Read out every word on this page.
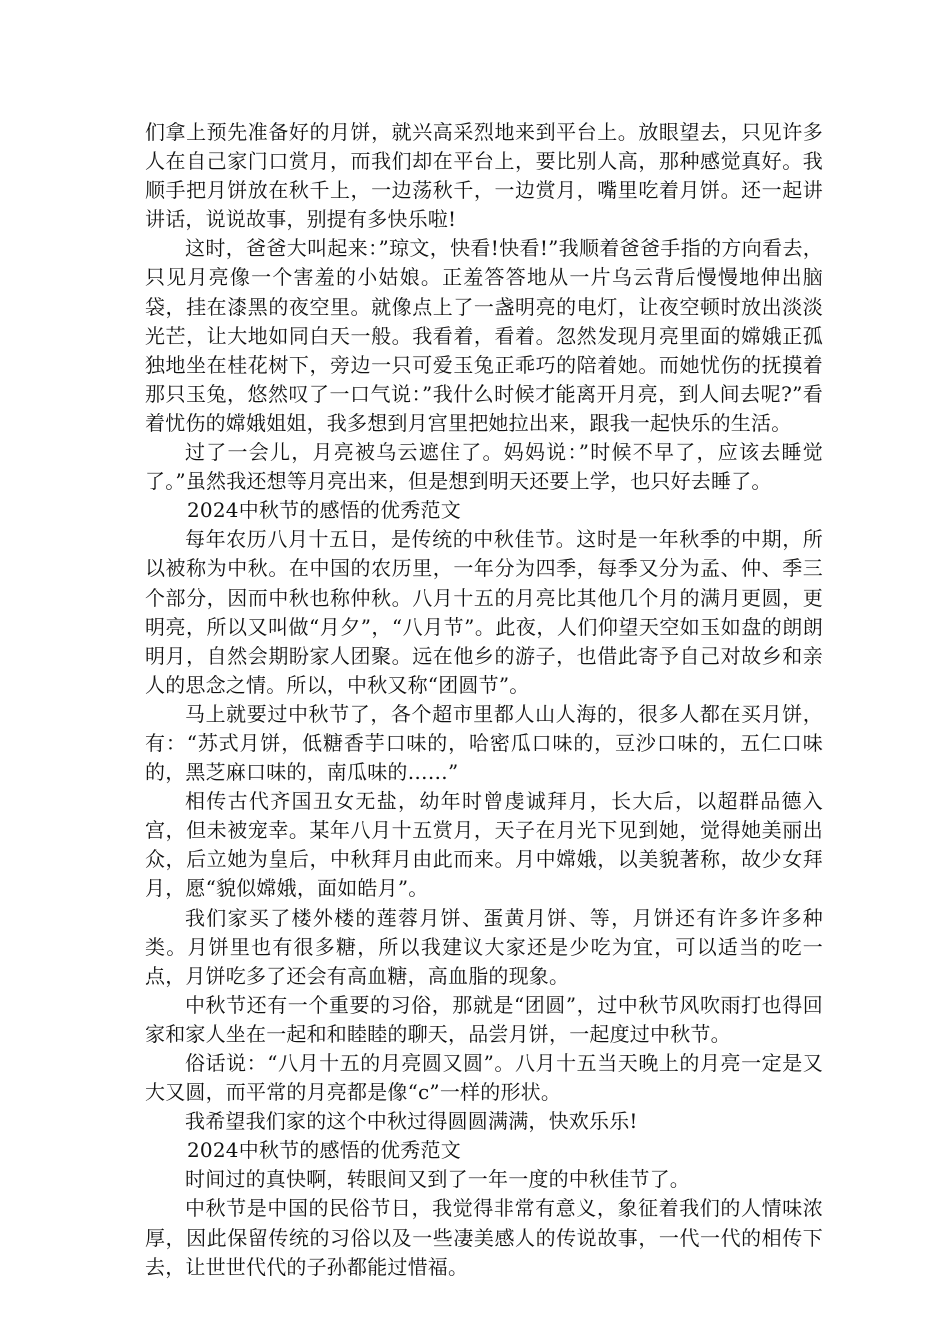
们拿上预先准备好的月饼，就兴高采烈地来到平台上。放眼望去，只见许多人在自己家门口赏月，而我们却在平台上，要比别人高，那种感觉真好。我顺手把月饼放在秋千上，一边荡秋千，一边赏月，嘴里吃着月饼。还一起讲讲话，说说故事，别提有多快乐啦!

这时，爸爸大叫起来：”琼文，快看!快看!”我顺着爸爸手指的方向看去，只见月亮像一个害羞的小姑娘。正羞答答地从一片乌云背后慢慢地伸出脑袋，挂在漆黑的夜空里。就像点上了一盏明亮的电灯，让夜空顿时放出淡淡光芒，让大地如同白天一般。我看着，看着。忽然发现月亮里面的嫦娥正孤独地坐在桂花树下，旁边一只可爱玉兔正乖巧的陪着她。而她忧伤的抚摸着那只玉兔，悠然叹了一口气说：”我什么时候才能离开月亮，到人间去呢?”看着忧伤的嫦娥姐姐，我多想到月宫里把她拉出来，跟我一起快乐的生活。

过了一会儿，月亮被乌云遮住了。妈妈说：”时候不早了，应该去睡觉了。”虽然我还想等月亮出来，但是想到明天还要上学，也只好去睡了。

2024中秋节的感悟的优秀范文

每年农历八月十五日，是传统的中秋佳节。这时是一年秋季的中期，所以被称为中秋。在中国的农历里，一年分为四季，每季又分为孟、仲、季三个部分，因而中秋也称仲秋。八月十五的月亮比其他几个月的满月更圆，更明亮，所以又叫做“月夕”，“八月节”。此夜，人们仰望天空如玉如盘的朗朗明月，自然会期盼家人团聚。远在他乡的游子，也借此寄予自己对故乡和亲人的思念之情。所以，中秋又称“团圆节”。

马上就要过中秋节了，各个超市里都人山人海的，很多人都在买月饼，有：“苏式月饼，低糖香芋口味的，哈密瓜口味的，豆沙口味的，五仁口味的，黑芝麻口味的，南瓜味的……”

相传古代齐国丑女无盐，幼年时曾虔诚拜月，长大后，以超群品德入宫，但未被宠幸。某年八月十五赏月，天子在月光下见到她，觉得她美丽出众，后立她为皇后，中秋拜月由此而来。月中嫦娥，以美貌著称，故少女拜月，愿“貌似嫦娥，面如皓月”。

我们家买了楼外楼的莲蓉月饼、蛋黄月饼、等，月饼还有许多许多种类。月饼里也有很多糖，所以我建议大家还是少吃为宜，可以适当的吃一点，月饼吃多了还会有高血糖，高血脂的现象。

中秋节还有一个重要的习俗，那就是“团圆”，过中秋节风吹雨打也得回家和家人坐在一起和和睦睦的聊天，品尝月饼，一起度过中秋节。

俗话说：“八月十五的月亮圆又圆”。八月十五当天晚上的月亮一定是又大又圆，而平常的月亮都是像“c”一样的形状。

我希望我们家的这个中秋过得圆圆满满，快欢乐乐!

2024中秋节的感悟的优秀范文

时间过的真快啊，转眼间又到了一年一度的中秋佳节了。

中秋节是中国的民俗节日，我觉得非常有意义，象征着我们的人情味浓厚，因此保留传统的习俗以及一些凄美感人的传说故事，一代一代的相传下去，让世世代代的子孙都能过惜福。
